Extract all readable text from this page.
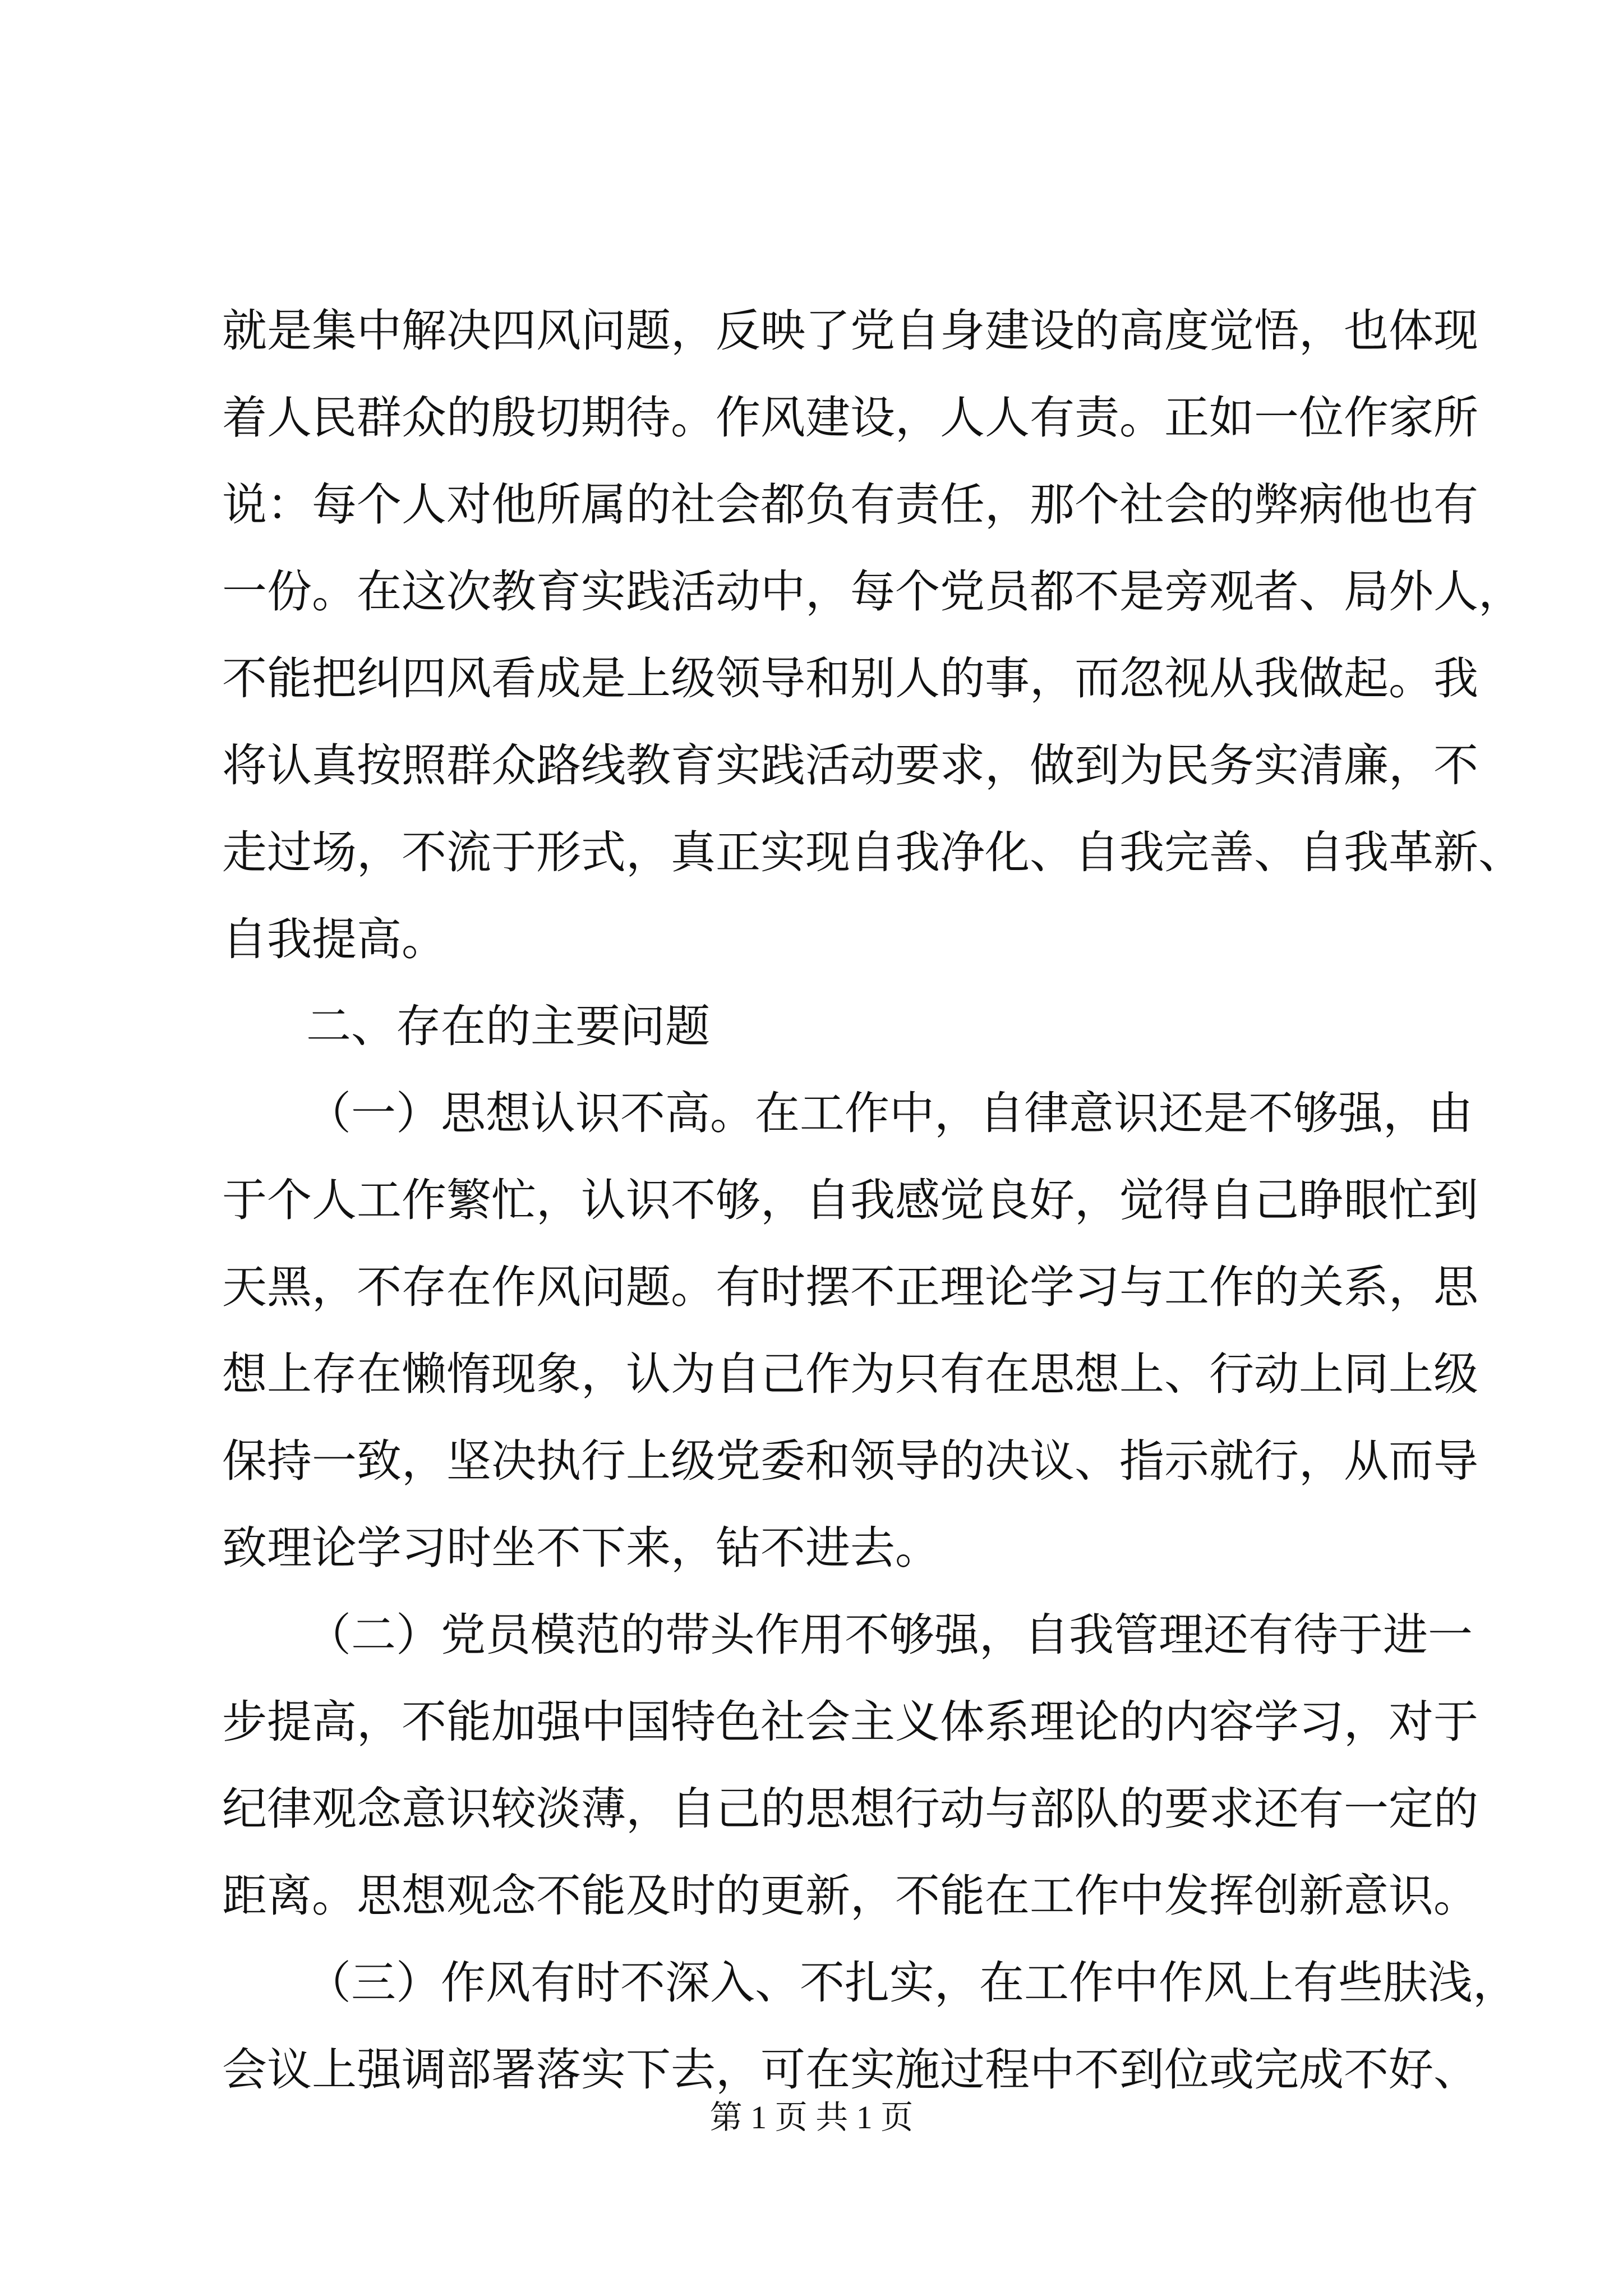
就是集中解决四风问题，反映了党自身建设的高度觉悟，也体现
着人民群众的殷切期待。作风建设，人人有责。正如一位作家所
说：每个人对他所属的社会都负有责任，那个社会的弊病他也有
一份。在这次教育实践活动中，每个党员都不是旁观者、局外人，
不能把纠四风看成是上级领导和别人的事，而忽视从我做起。我
将认真按照群众路线教育实践活动要求，做到为民务实清廉，不
走过场，不流于形式，真正实现自我净化、自我完善、自我革新、
自我提高。
二、存在的主要问题
（一）思想认识不高。在工作中，自律意识还是不够强，由
于个人工作繁忙，认识不够，自我感觉良好，觉得自己睁眼忙到
天黑，不存在作风问题。有时摆不正理论学习与工作的关系，思
想上存在懒惰现象，认为自己作为只有在思想上、行动上同上级
保持一致，坚决执行上级党委和领导的决议、指示就行，从而导
致理论学习时坐不下来，钻不进去。
（二）党员模范的带头作用不够强，自我管理还有待于进一
步提高，不能加强中国特色社会主义体系理论的内容学习，对于
纪律观念意识较淡薄，自己的思想行动与部队的要求还有一定的
距离。思想观念不能及时的更新，不能在工作中发挥创新意识。
（三）作风有时不深入、不扎实，在工作中作风上有些肤浅，
会议上强调部署落实下去，可在实施过程中不到位或完成不好、
第 1 页 共 1 页
